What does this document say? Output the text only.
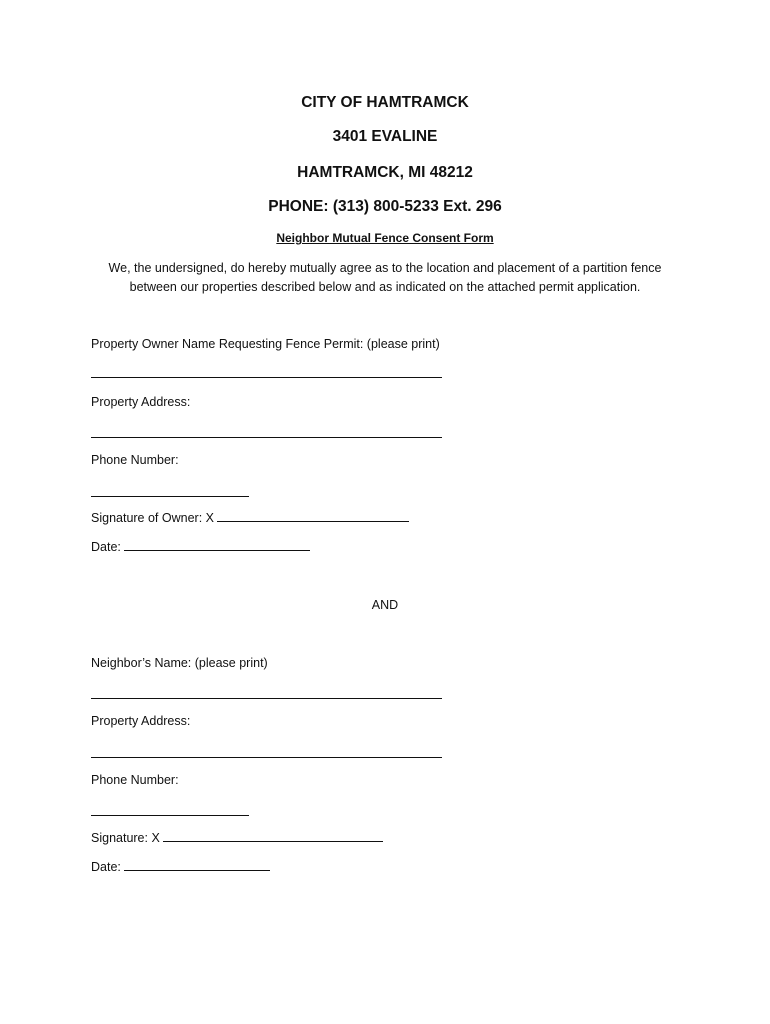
CITY OF HAMTRAMCK

3401 EVALINE

HAMTRAMCK, MI 48212

PHONE: (313) 800-5233 Ext. 296

Neighbor Mutual Fence Consent Form

We, the undersigned, do hereby mutually agree as to the location and placement of a partition fence

between our properties described below and as indicated on the attached permit application.

Property Owner Name Requesting Fence Permit: (please print)

Property Address:

Phone Number:

Signature of Owner: X

Date:

AND

Neighbor’s Name: (please print)

Property Address:

Phone Number:

Signature: X

Date:
